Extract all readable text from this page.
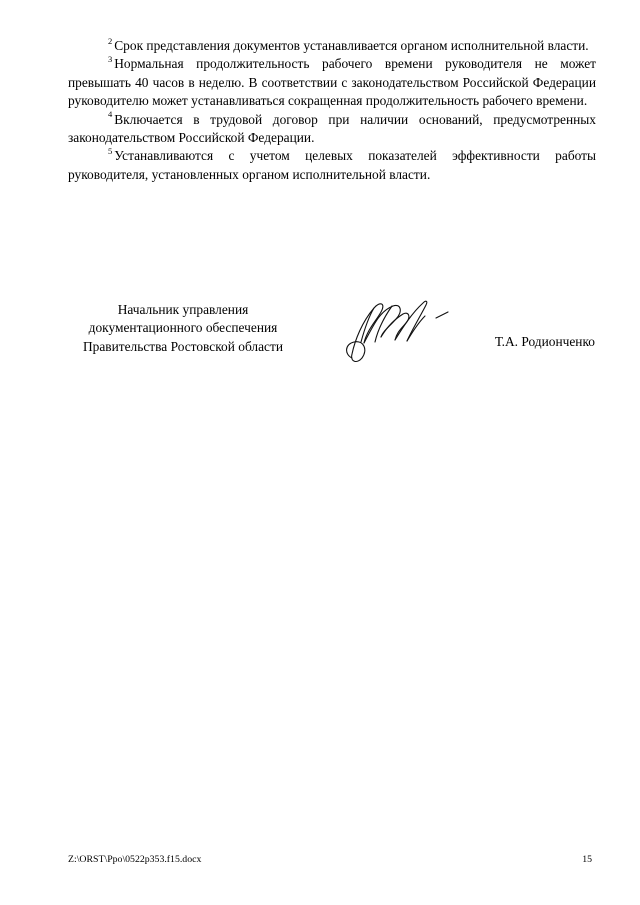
$^2$ Срок представления документов устанавливается органом исполнительной власти.

$^3$ Нормальная продолжительность рабочего времени руководителя не может превышать 40 часов в неделю. В соответствии с законодательством Российской Федерации руководителю может устанавливаться сокращенная продолжительность рабочего времени.

$^4$ Включается в трудовой договор при наличии оснований, предусмотренных законодательством Российской Федерации.

$^5$ Устанавливаются с учетом целевых показателей эффективности работы руководителя, установленных органом исполнительной власти.

Начальник управления
документационного обеспечения
Правительства Ростовской области	Т.А. Родионченко
Z:\ORST\Ppo\0522p353.f15.docx	15
